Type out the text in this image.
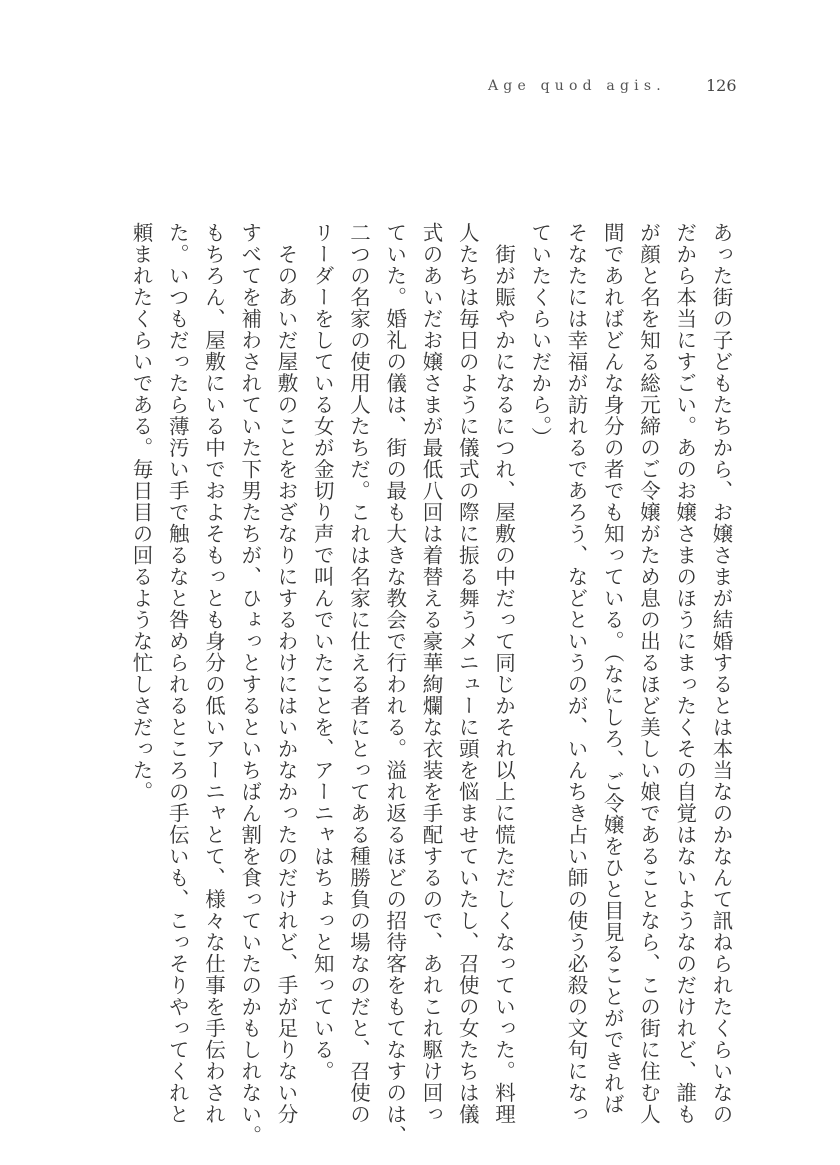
Age quod agis.	126
あった街の子どもたちから、お嬢さまが結婚するとは本当なのかなんて訊ねられたくらいなの
だから本当にすごい。あのお嬢さまのほうにまったくその自覚はないようなのだけれど、誰も
が顔と名を知る総元締のご令嬢がため息の出るほど美しい娘であることなら、この街に住む人
間であればどんな身分の者でも知っている。（なにしろ、ご令嬢をひと目見ることができれば
そなたには幸福が訪れるであろう、などというのが、いんちき占い師の使う必殺の文句になっ
ていたくらいだから。）
　街が賑やかになるにつれ、屋敷の中だって同じかそれ以上に慌ただしくなっていった。料理
人たちは毎日のように儀式の際に振る舞うメニューに頭を悩ませていたし、召使の女たちは儀
式のあいだお嬢さまが最低八回は着替える豪華絢爛な衣装を手配するので、あれこれ駆け回っ
ていた。婚礼の儀は、街の最も大きな教会で行われる。溢れ返るほどの招待客をもてなすのは、
二つの名家の使用人たちだ。これは名家に仕える者にとってある種勝負の場なのだと、召使の
リーダーをしている女が金切り声で叫んでいたことを、アーニャはちょっと知っている。
　そのあいだ屋敷のことをおざなりにするわけにはいかなかったのだけれど、手が足りない分
すべてを補わされていた下男たちが、ひょっとするといちばん割を食っていたのかもしれない。
もちろん、屋敷にいる中でおよそもっとも身分の低いアーニャとて、様々な仕事を手伝わされ
た。いつもだったら薄汚い手で触るなと咎められるところの手伝いも、こっそりやってくれと
頼まれたくらいである。毎日目の回るような忙しさだった。
